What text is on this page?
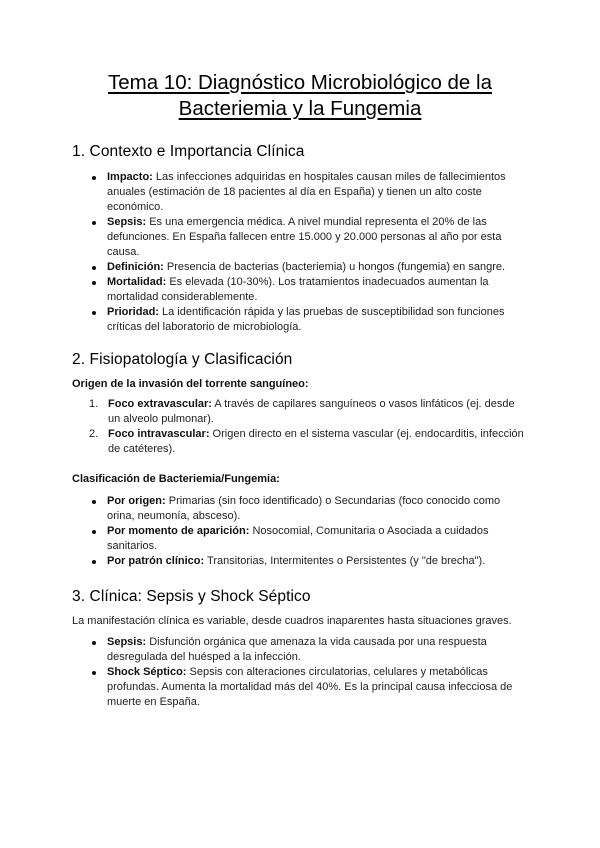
Tema 10: Diagnóstico Microbiológico de la
Bacteriemia y la Fungemia
1. Contexto e Importancia Clínica
Impacto: Las infecciones adquiridas en hospitales causan miles de fallecimientos anuales (estimación de 18 pacientes al día en España) y tienen un alto coste económico.
Sepsis: Es una emergencia médica. A nivel mundial representa el 20% de las defunciones. En España fallecen entre 15.000 y 20.000 personas al año por esta causa.
Definición: Presencia de bacterias (bacteriemia) u hongos (fungemia) en sangre.
Mortalidad: Es elevada (10-30%). Los tratamientos inadecuados aumentan la mortalidad considerablemente.
Prioridad: La identificación rápida y las pruebas de susceptibilidad son funciones críticas del laboratorio de microbiología.
2. Fisiopatología y Clasificación

Origen de la invasión del torrente sanguíneo:

1. Foco extravascular: A través de capilares sanguíneos o vasos linfáticos (ej. desde un alveolo pulmonar).
2. Foco intravascular: Origen directo en el sistema vascular (ej. endocarditis, infección de catéteres).

Clasificación de Bacteriemia/Fungemia:

Por origen: Primarias (sin foco identificado) o Secundarias (foco conocido como orina, neumonía, absceso).
Por momento de aparición: Nosocomial, Comunitaria o Asociada a cuidados sanitarios.
Por patrón clínico: Transitorias, Intermitentes o Persistentes (y "de brecha").
3. Clínica: Sepsis y Shock Séptico

La manifestación clínica es variable, desde cuadros inaparentes hasta situaciones graves.

Sepsis: Disfunción orgánica que amenaza la vida causada por una respuesta desregulada del huésped a la infección.
Shock Séptico: Sepsis con alteraciones circulatorias, celulares y metabólicas profundas. Aumenta la mortalidad más del 40%. Es la principal causa infecciosa de muerte en España.
